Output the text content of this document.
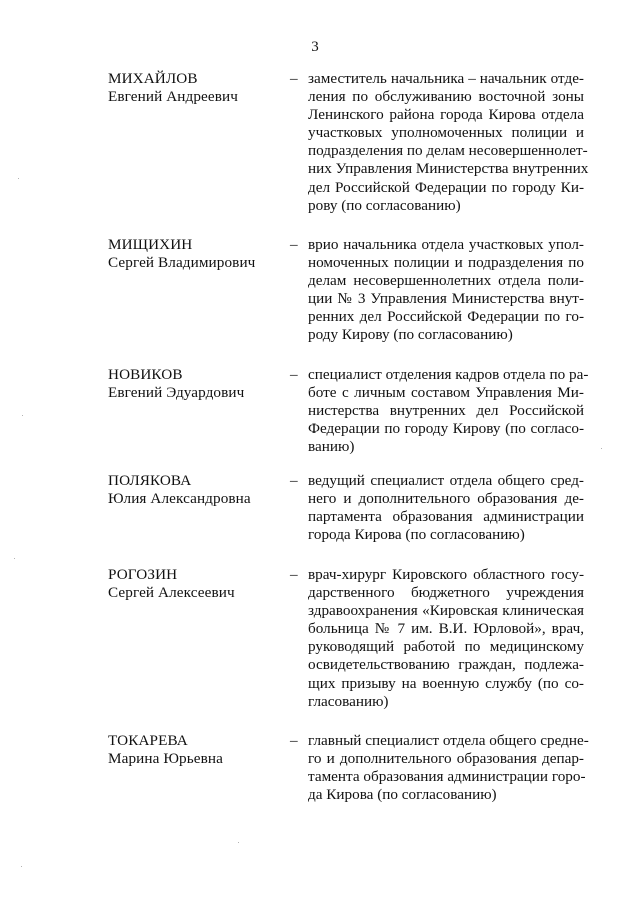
3
МИХАЙЛОВ
Евгений Андреевич
– заместитель начальника – начальник отде-
ления по обслуживанию восточной зоны
Ленинского района города Кирова отдела
участковых уполномоченных полиции и
подразделения по делам несовершеннолет-
них Управления Министерства внутренних
дел Российской Федерации по городу Ки-
рову (по согласованию)
МИЩИХИН
Сергей Владимирович
– врио начальника отдела участковых упол-
номоченных полиции и подразделения по
делам несовершеннолетних отдела поли-
ции № 3 Управления Министерства внут-
ренних дел Российской Федерации по го-
роду Кирову (по согласованию)
НОВИКОВ
Евгений Эдуардович
– специалист отделения кадров отдела по ра-
боте с личным составом Управления Ми-
нистерства внутренних дел Российской
Федерации по городу Кирову (по согласо-
ванию)
ПОЛЯКОВА
Юлия Александровна
– ведущий специалист отдела общего сред-
него и дополнительного образования де-
партамента образования администрации
города Кирова (по согласованию)
РОГОЗИН
Сергей Алексеевич
– врач-хирург Кировского областного госу-
дарственного бюджетного учреждения
здравоохранения «Кировская клиническая
больница № 7 им. В.И. Юрловой», врач,
руководящий работой по медицинскому
освидетельствованию граждан, подлежа-
щих призыву на военную службу (по со-
гласованию)
ТОКАРЕВА
Марина Юрьевна
– главный специалист отдела общего средне-
го и дополнительного образования депар-
тамента образования администрации горо-
да Кирова (по согласованию)
